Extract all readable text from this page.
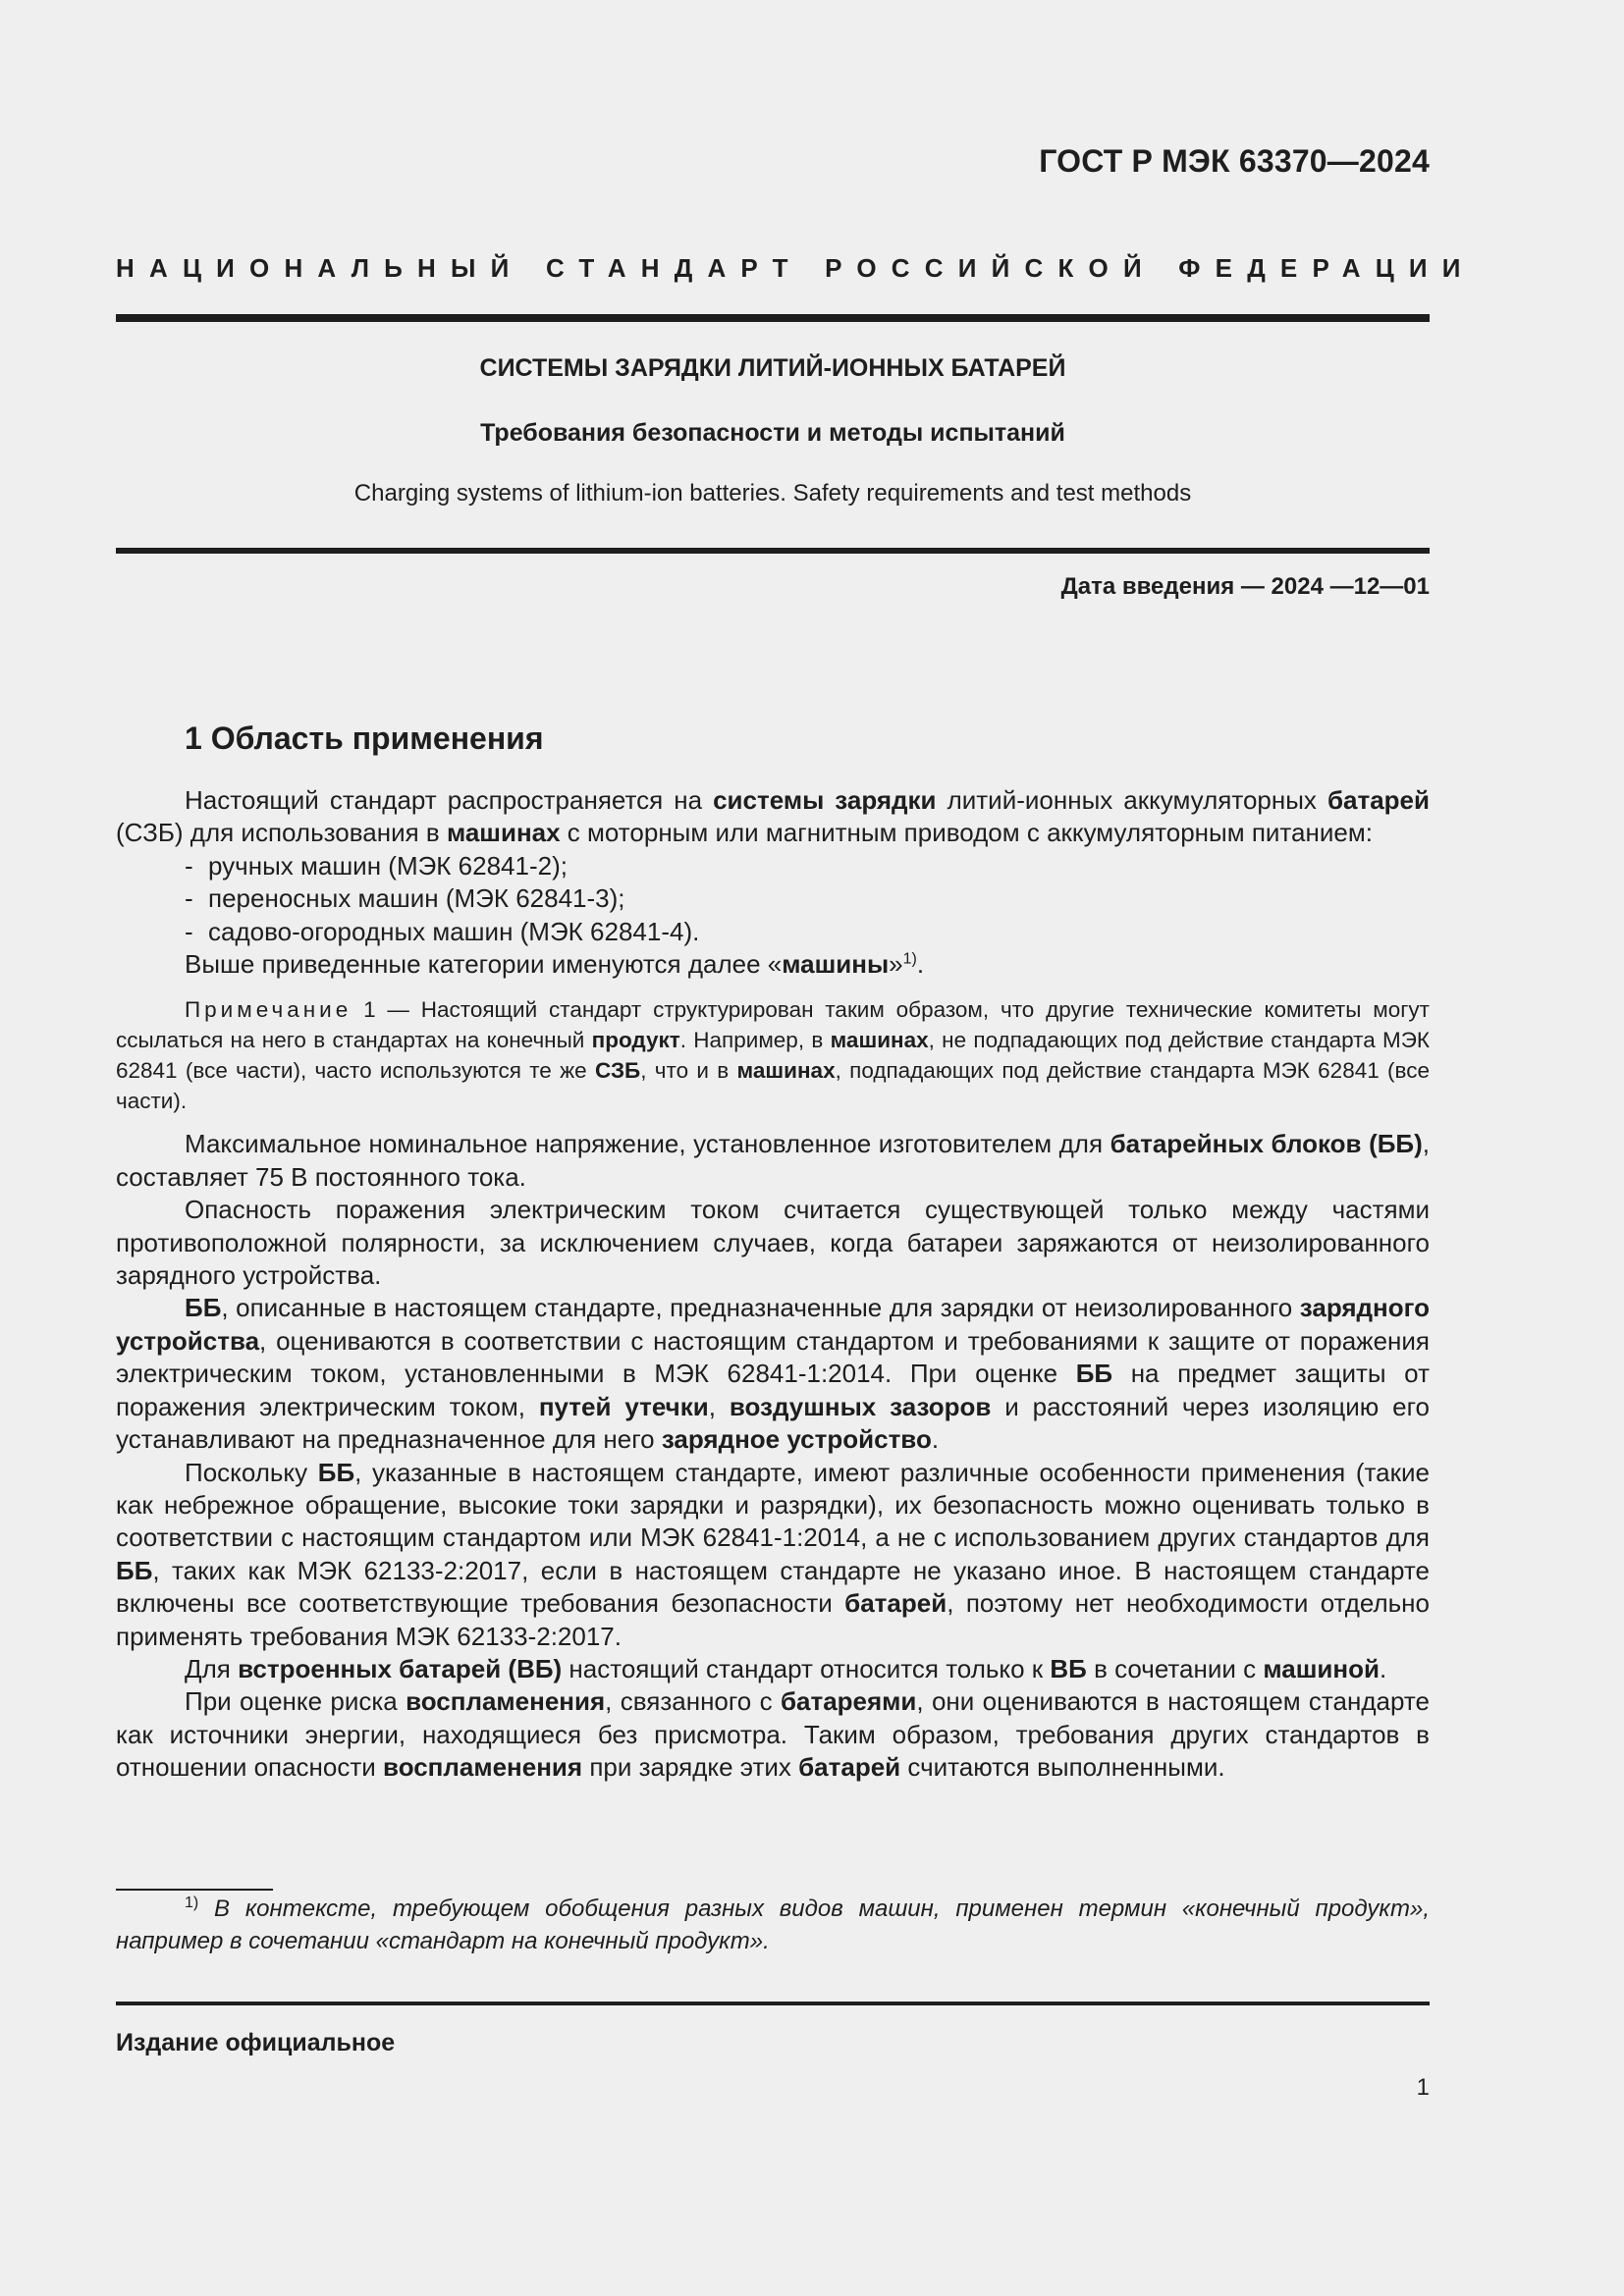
ГОСТ Р МЭК 63370—2024
НАЦИОНАЛЬНЫЙ СТАНДАРТ РОССИЙСКОЙ ФЕДЕРАЦИИ
СИСТЕМЫ ЗАРЯДКИ ЛИТИЙ-ИОННЫХ БАТАРЕЙ
Требования безопасности и методы испытаний
Charging systems of lithium-ion batteries. Safety requirements and test methods
Дата введения — 2024 —12—01
1 Область применения

Настоящий стандарт распространяется на системы зарядки литий-ионных аккумуляторных батарей (СЗБ) для использования в машинах с моторным или магнитным приводом с аккумуляторным питанием:

- ручных машин (МЭК 62841-2);
- переносных машин (МЭК 62841-3);
- садово-огородных машин (МЭК 62841-4).

Выше приведенные категории именуются далее «машины»$^{1)}$.

Примечание 1 — Настоящий стандарт структурирован таким образом, что другие технические комитеты могут ссылаться на него в стандартах на конечный продукт. Например, в машинах, не подпадающих под действие стандарта МЭК 62841 (все части), часто используются те же СЗБ, что и в машинах, подпадающих под действие стандарта МЭК 62841 (все части).

Максимальное номинальное напряжение, установленное изготовителем для батарейных блоков (ББ), составляет 75 В постоянного тока.

Опасность поражения электрическим током считается существующей только между частями противоположной полярности, за исключением случаев, когда батареи заряжаются от неизолированного зарядного устройства.

ББ, описанные в настоящем стандарте, предназначенные для зарядки от неизолированного зарядного устройства, оцениваются в соответствии с настоящим стандартом и требованиями к защите от поражения электрическим током, установленными в МЭК 62841-1:2014. При оценке ББ на предмет защиты от поражения электрическим током, путей утечки, воздушных зазоров и расстояний через изоляцию его устанавливают на предназначенное для него зарядное устройство.

Поскольку ББ, указанные в настоящем стандарте, имеют различные особенности применения (такие как небрежное обращение, высокие токи зарядки и разрядки), их безопасность можно оценивать только в соответствии с настоящим стандартом или МЭК 62841-1:2014, а не с использованием других стандартов для ББ, таких как МЭК 62133-2:2017, если в настоящем стандарте не указано иное. В настоящем стандарте включены все соответствующие требования безопасности батарей, поэтому нет необходимости отдельно применять требования МЭК 62133-2:2017.

Для встроенных батарей (ВБ) настоящий стандарт относится только к ВБ в сочетании с машиной.

При оценке риска воспламенения, связанного с батареями, они оцениваются в настоящем стандарте как источники энергии, находящиеся без присмотра. Таким образом, требования других стандартов в отношении опасности воспламенения при зарядке этих батарей считаются выполненными.

$^{1)}$ В контексте, требующем обобщения разных видов машин, применен термин «конечный продукт», например в сочетании «стандарт на конечный продукт».
Издание официальное
1
